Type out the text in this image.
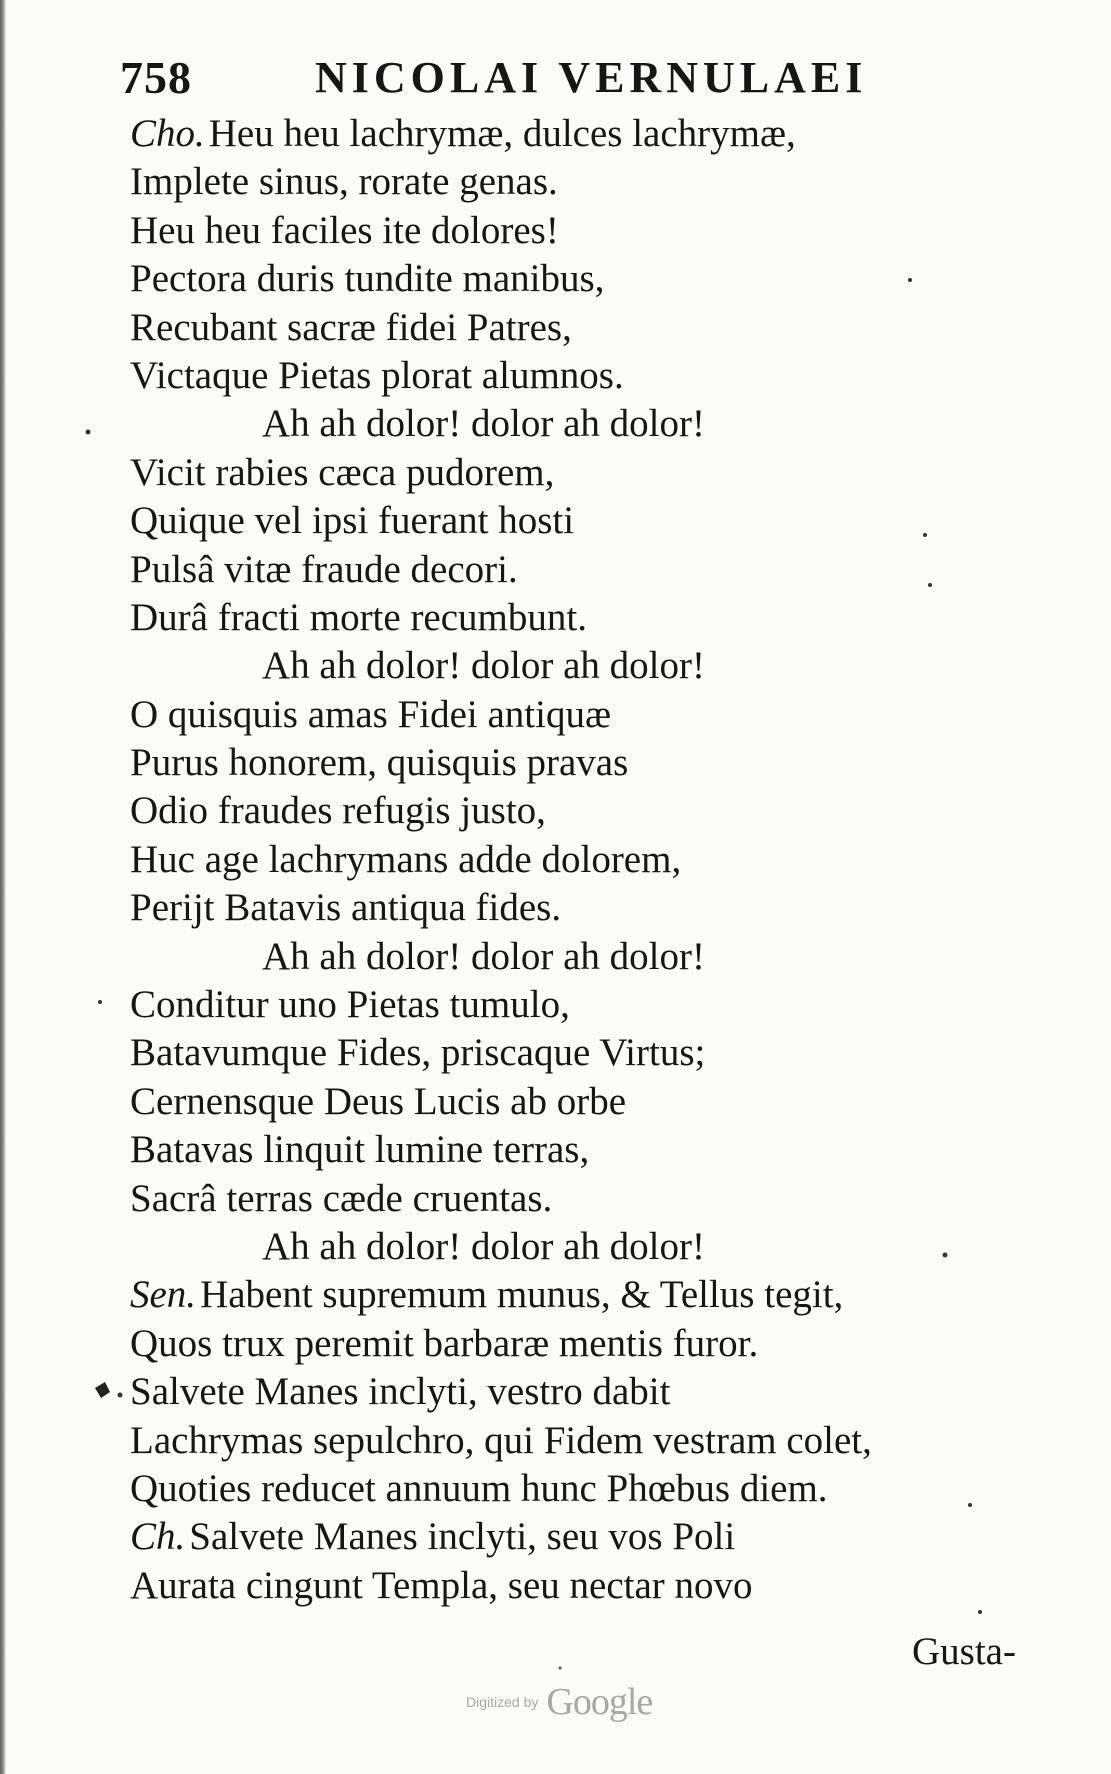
758	NICOLAI VERNULAEI
Cho. Heu heu lachrymæ, dulces lachrymæ,
Implete sinus, rorate genas.
Heu heu faciles ite dolores!
Pectora duris tundite manibus,
Recubant sacræ fidei Patres,
Victaque Pietas plorat alumnos.
Ah ah dolor! dolor ah dolor!
Vicit rabies cæca pudorem,
Quique vel ipsi fuerant hosti
Pulsâ vitæ fraude decori.
Durâ fracti morte recumbunt.
Ah ah dolor! dolor ah dolor!
O quisquis amas Fidei antiquæ
Purus honorem, quisquis pravas
Odio fraudes refugis justo,
Huc age lachrymans adde dolorem,
Perijt Batavis antiqua fides.
Ah ah dolor! dolor ah dolor!
Conditur uno Pietas tumulo,
Batavumque Fides, priscaque Virtus;
Cernensque Deus Lucis ab orbe
Batavas linquit lumine terras,
Sacrâ terras cæde cruentas.
Ah ah dolor! dolor ah dolor!
Sen. Habent supremum munus, & Tellus tegit,
Quos trux peremit barbaræ mentis furor.
Salvete Manes inclyti, vestro dabit
Lachrymas sepulchro, qui Fidem vestram colet,
Quoties reducet annuum hunc Phœbus diem.
Ch. Salvete Manes inclyti, seu vos Poli
Aurata cingunt Templa, seu nectar novo
Gusta-
Digitized by Google
